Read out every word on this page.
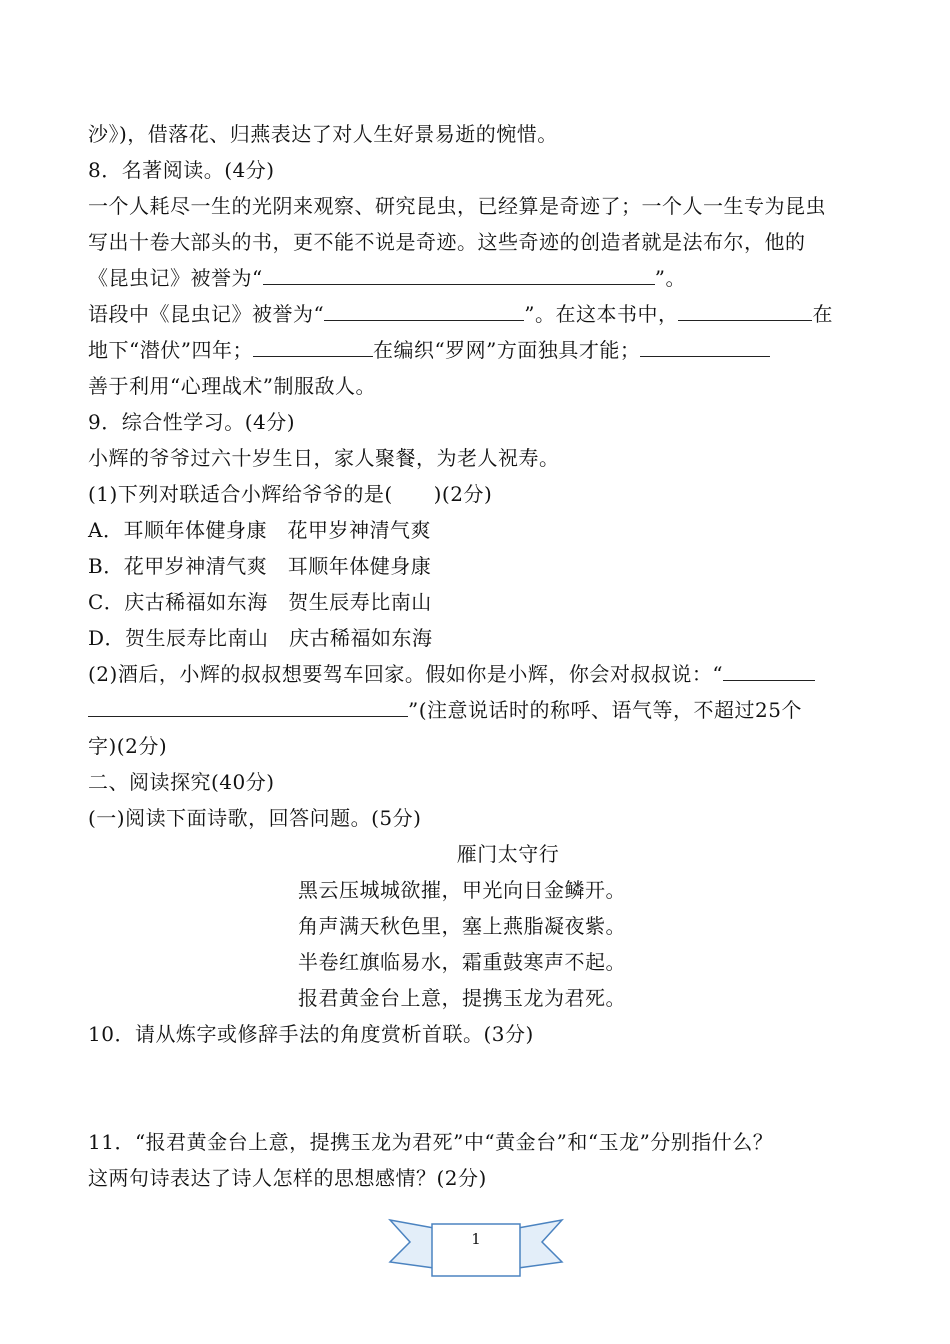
沙》)，借落花、归燕表达了对人生好景易逝的惋惜。
8．名著阅读。(4分)
一个人耗尽一生的光阴来观察、研究昆虫，已经算是奇迹了；一个人一生专为昆虫
写出十卷大部头的书，更不能不说是奇迹。这些奇迹的创造者就是法布尔，他的
《昆虫记》被誉为“	”。
语段中《昆虫记》被誉为“	”。在这本书中，	在
地下“潜伏”四年；	在编织“罗网”方面独具才能；
善于利用“心理战术”制服敌人。
9．综合性学习。(4分)
小辉的爷爷过六十岁生日，家人聚餐，为老人祝寿。
(1)下列对联适合小辉给爷爷的是(　　)(2分)
A．耳顺年体健身康　花甲岁神清气爽
B．花甲岁神清气爽　耳顺年体健身康
C．庆古稀福如东海　贺生辰寿比南山
D．贺生辰寿比南山　庆古稀福如东海
(2)酒后，小辉的叔叔想要驾车回家。假如你是小辉，你会对叔叔说：“
”(注意说话时的称呼、语气等，不超过25个
字)(2分)
二、阅读探究(40分)
(一)阅读下面诗歌，回答问题。(5分)
雁门太守行
黑云压城城欲摧，甲光向日金鳞开。
角声满天秋色里，塞上燕脂凝夜紫。
半卷红旗临易水，霜重鼓寒声不起。
报君黄金台上意，提携玉龙为君死。
10．请从炼字或修辞手法的角度赏析首联。(3分)
11．“报君黄金台上意，提携玉龙为君死”中“黄金台”和“玉龙”分别指什么？
这两句诗表达了诗人怎样的思想感情？(2分)
1
